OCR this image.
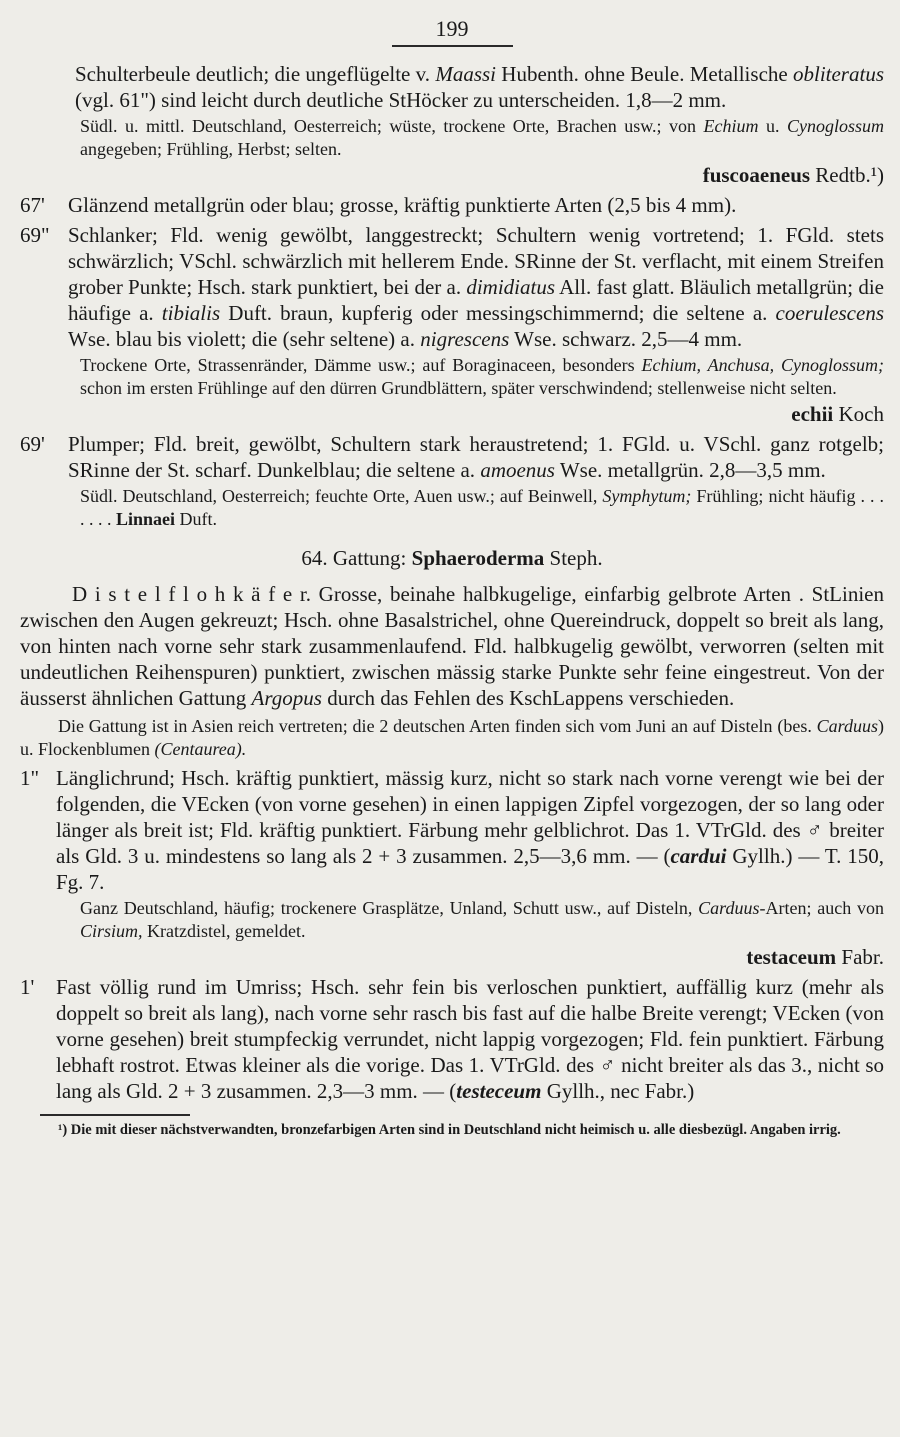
199

Schulterbeule deutlich; die ungeflügelte v. Maassi Hubenth. ohne Beule. Metallische obliteratus (vgl. 61") sind leicht durch deutliche StHöcker zu unterscheiden. 1,8—2 mm.

Südl. u. mittl. Deutschland, Oesterreich; wüste, trockene Orte, Brachen usw.; von Echium u. Cynoglossum angegeben; Frühling, Herbst; selten.

fuscoaeneus Redtb.¹)

67' Glänzend metallgrün oder blau; grosse, kräftig punktierte Arten (2,5 bis 4 mm).

69" Schlanker; Fld. wenig gewölbt, langgestreckt; Schultern wenig vortretend; 1. FGld. stets schwärzlich; VSchl. schwärzlich mit hellerem Ende. SRinne der St. verflacht, mit einem Streifen grober Punkte; Hsch. stark punktiert, bei der a. dimidiatus All. fast glatt. Bläulich metallgrün; die häufige a. tibialis Duft. braun, kupferig oder messingschimmernd; die seltene a. coerulescens Wse. blau bis violett; die (sehr seltene) a. nigrescens Wse. schwarz. 2,5—4 mm.

Trockene Orte, Strassenränder, Dämme usw.; auf Boraginaceen, besonders Echium, Anchusa, Cynoglossum; schon im ersten Frühlinge auf den dürren Grundblättern, später verschwindend; stellenweise nicht selten.

echii Koch

69' Plumper; Fld. breit, gewölbt, Schultern stark heraustretend; 1. FGld. u. VSchl. ganz rotgelb; SRinne der St. scharf. Dunkelblau; die seltene a. amoenus Wse. metallgrün. 2,8—3,5 mm.

Südl. Deutschland, Oesterreich; feuchte Orte, Auen usw.; auf Beinwell, Symphytum; Frühling; nicht häufig . . . . . . . Linnaei Duft.

64. Gattung: Sphaeroderma Steph.

D i s t e l f l o h k ä f e r. Grosse, beinahe halbkugelige, einfarbig gelbrote Arten . StLinien zwischen den Augen gekreuzt; Hsch. ohne Basalstrichel, ohne Quereindruck, doppelt so breit als lang, von hinten nach vorne sehr stark zusammenlaufend. Fld. halbkugelig gewölbt, verworren (selten mit undeutlichen Reihenspuren) punktiert, zwischen mässig starke Punkte sehr feine eingestreut. Von der äusserst ähnlichen Gattung Argopus durch das Fehlen des KschLappens verschieden.

Die Gattung ist in Asien reich vertreten; die 2 deutschen Arten finden sich vom Juni an auf Disteln (bes. Carduus) u. Flockenblumen (Centaurea).

1" Länglichrund; Hsch. kräftig punktiert, mässig kurz, nicht so stark nach vorne verengt wie bei der folgenden, die VEcken (von vorne gesehen) in einen lappigen Zipfel vorgezogen, der so lang oder länger als breit ist; Fld. kräftig punktiert. Färbung mehr gelblichrot. Das 1. VTrGld. des ♂ breiter als Gld. 3 u. mindestens so lang als 2 + 3 zusammen. 2,5—3,6 mm. — (cardui Gyllh.) — T. 150, Fg. 7.

Ganz Deutschland, häufig; trockenere Grasplätze, Unland, Schutt usw., auf Disteln, Carduus-Arten; auch von Cirsium, Kratzdistel, gemeldet.

testaceum Fabr.

1' Fast völlig rund im Umriss; Hsch. sehr fein bis verloschen punktiert, auffällig kurz (mehr als doppelt so breit als lang), nach vorne sehr rasch bis fast auf die halbe Breite verengt; VEcken (von vorne gesehen) breit stumpfeckig verrundet, nicht lappig vorgezogen; Fld. fein punktiert. Färbung lebhaft rostrot. Etwas kleiner als die vorige. Das 1. VTrGld. des ♂ nicht breiter als das 3., nicht so lang als Gld. 2 + 3 zusammen. 2,3—3 mm. — (testeceum Gyllh., nec Fabr.)

¹) Die mit dieser nächstverwandten, bronzefarbigen Arten sind in Deutschland nicht heimisch u. alle diesbezügl. Angaben irrig.
